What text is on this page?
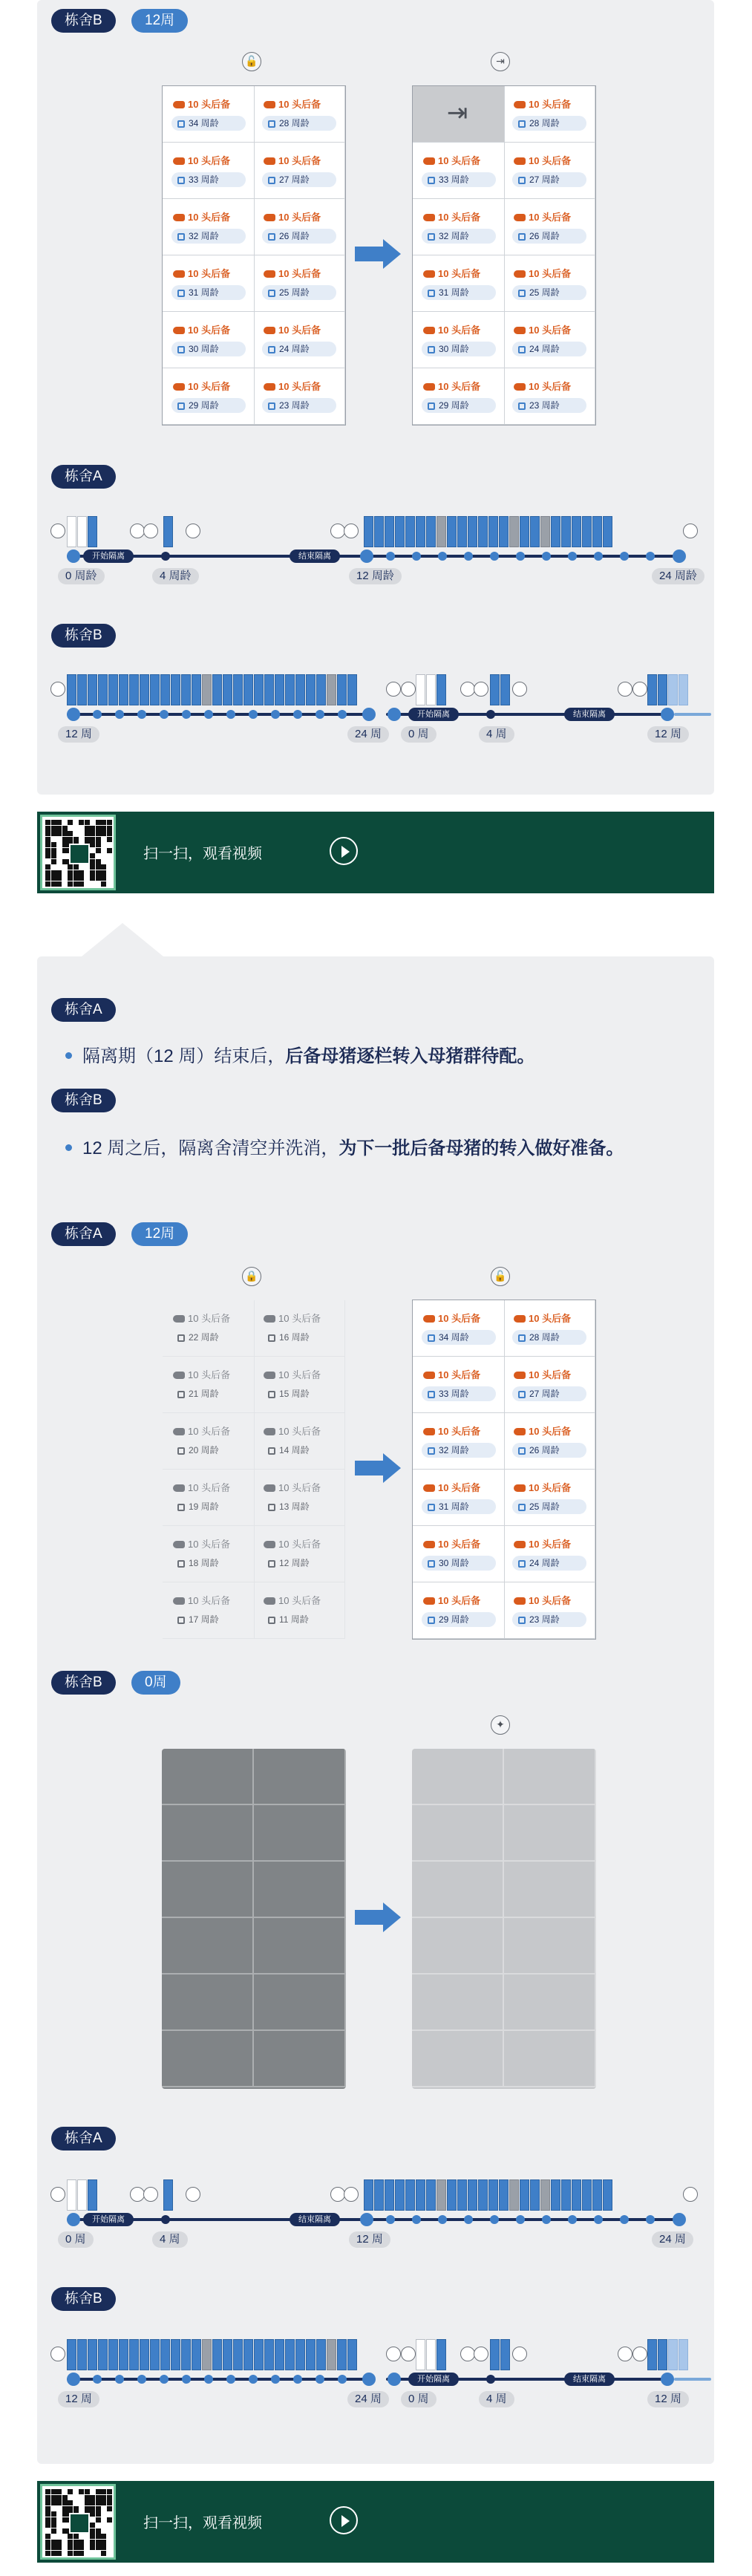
栋舍B	12周
🔓	⇥
10 头后备
34 周龄
10 头后备
28 周龄
10 头后备
33 周龄
10 头后备
27 周龄
10 头后备
32 周龄
10 头后备
26 周龄
10 头后备
31 周龄
10 头后备
25 周龄
10 头后备
30 周龄
10 头后备
24 周龄
10 头后备
29 周龄
10 头后备
23 周龄
⇥	10 头后备
28 周龄
10 头后备
33 周龄
10 头后备
27 周龄
10 头后备
32 周龄
10 头后备
26 周龄
10 头后备
31 周龄
10 头后备
25 周龄
10 头后备
30 周龄
10 头后备
24 周龄
10 头后备
29 周龄
10 头后备
23 周龄
栋舍A
开始隔离	结束隔离
0 周龄	4 周龄	12 周龄	24 周龄
栋舍B
开始隔离	结束隔离
12 周	24 周	0 周	4 周	12 周
扫一扫，观看视频
栋舍A
隔离期（12 周）结束后，后备母猪逐栏转入母猪群待配。
栋舍B
12 周之后，隔离舍清空并洗消，为下一批后备母猪的转入做好准备。
栋舍A	12周
🔒	🔓
10 头后备
22 周龄
10 头后备
16 周龄
10 头后备
21 周龄
10 头后备
15 周龄
10 头后备
20 周龄
10 头后备
14 周龄
10 头后备
19 周龄
10 头后备
13 周龄
10 头后备
18 周龄
10 头后备
12 周龄
10 头后备
17 周龄
10 头后备
11 周龄
10 头后备
34 周龄
10 头后备
28 周龄
10 头后备
33 周龄
10 头后备
27 周龄
10 头后备
32 周龄
10 头后备
26 周龄
10 头后备
31 周龄
10 头后备
25 周龄
10 头后备
30 周龄
10 头后备
24 周龄
10 头后备
29 周龄
10 头后备
23 周龄
栋舍B	0周
✦
栋舍A
开始隔离	结束隔离
0 周	4 周	12 周	24 周
栋舍B
开始隔离	结束隔离
12 周	24 周	0 周	4 周	12 周
扫一扫，观看视频
